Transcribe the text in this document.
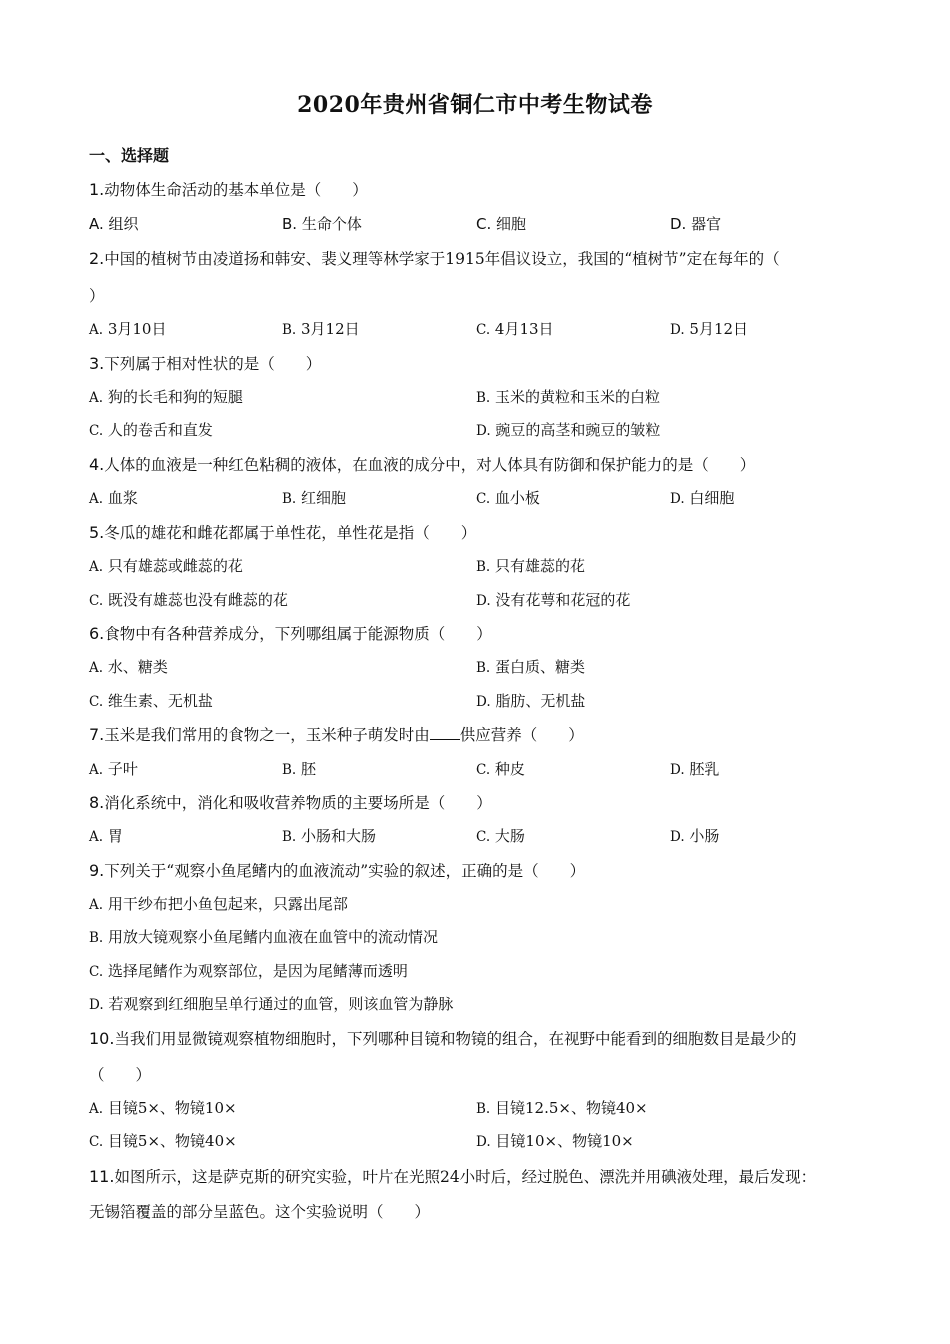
2020年贵州省铜仁市中考生物试卷
一、选择题
1.动物体生命活动的基本单位是（　　）
A. 组织	B. 生命个体	C. 细胞	D. 器官
2.中国的植树节由凌道扬和韩安、裴义理等林学家于1915年倡议设立，我国的“植树节”定在每年的（
）
A. 3月10日	B. 3月12日	C. 4月13日	D. 5月12日
3.下列属于相对性状的是（　　）
A. 狗的长毛和狗的短腿	B. 玉米的黄粒和玉米的白粒
C. 人的卷舌和直发	D. 豌豆的高茎和豌豆的皱粒
4.人体的血液是一种红色粘稠的液体，在血液的成分中，对人体具有防御和保护能力的是（　　）
A. 血浆	B. 红细胞	C. 血小板	D. 白细胞
5.冬瓜的雄花和雌花都属于单性花，单性花是指（　　）
A. 只有雄蕊或雌蕊的花	B. 只有雄蕊的花
C. 既没有雄蕊也没有雌蕊的花	D. 没有花萼和花冠的花
6.食物中有各种营养成分，下列哪组属于能源物质（　　）
A. 水、糖类	B. 蛋白质、糖类
C. 维生素、无机盐	D. 脂肪、无机盐
7.玉米是我们常用的食物之一，玉米种子萌发时由 供应营养（　　）
A. 子叶	B. 胚	C. 种皮	D. 胚乳
8.消化系统中，消化和吸收营养物质的主要场所是（　　）
A. 胃	B. 小肠和大肠	C. 大肠	D. 小肠
9.下列关于“观察小鱼尾鳍内的血液流动”实验的叙述，正确的是（　　）
A. 用干纱布把小鱼包起来，只露出尾部
B. 用放大镜观察小鱼尾鳍内血液在血管中的流动情况
C. 选择尾鳍作为观察部位，是因为尾鳍薄而透明
D. 若观察到红细胞呈单行通过的血管，则该血管为静脉
10.当我们用显微镜观察植物细胞时，下列哪种目镜和物镜的组合，在视野中能看到的细胞数目是最少的
（　　）
A. 目镜5×、物镜10×	B. 目镜12.5×、物镜40×
C. 目镜5×、物镜40×	D. 目镜10×、物镜10×
11.如图所示，这是萨克斯的研究实验，叶片在光照24小时后，经过脱色、漂洗并用碘液处理，最后发现：
无锡箔覆盖的部分呈蓝色。这个实验说明（　　）
